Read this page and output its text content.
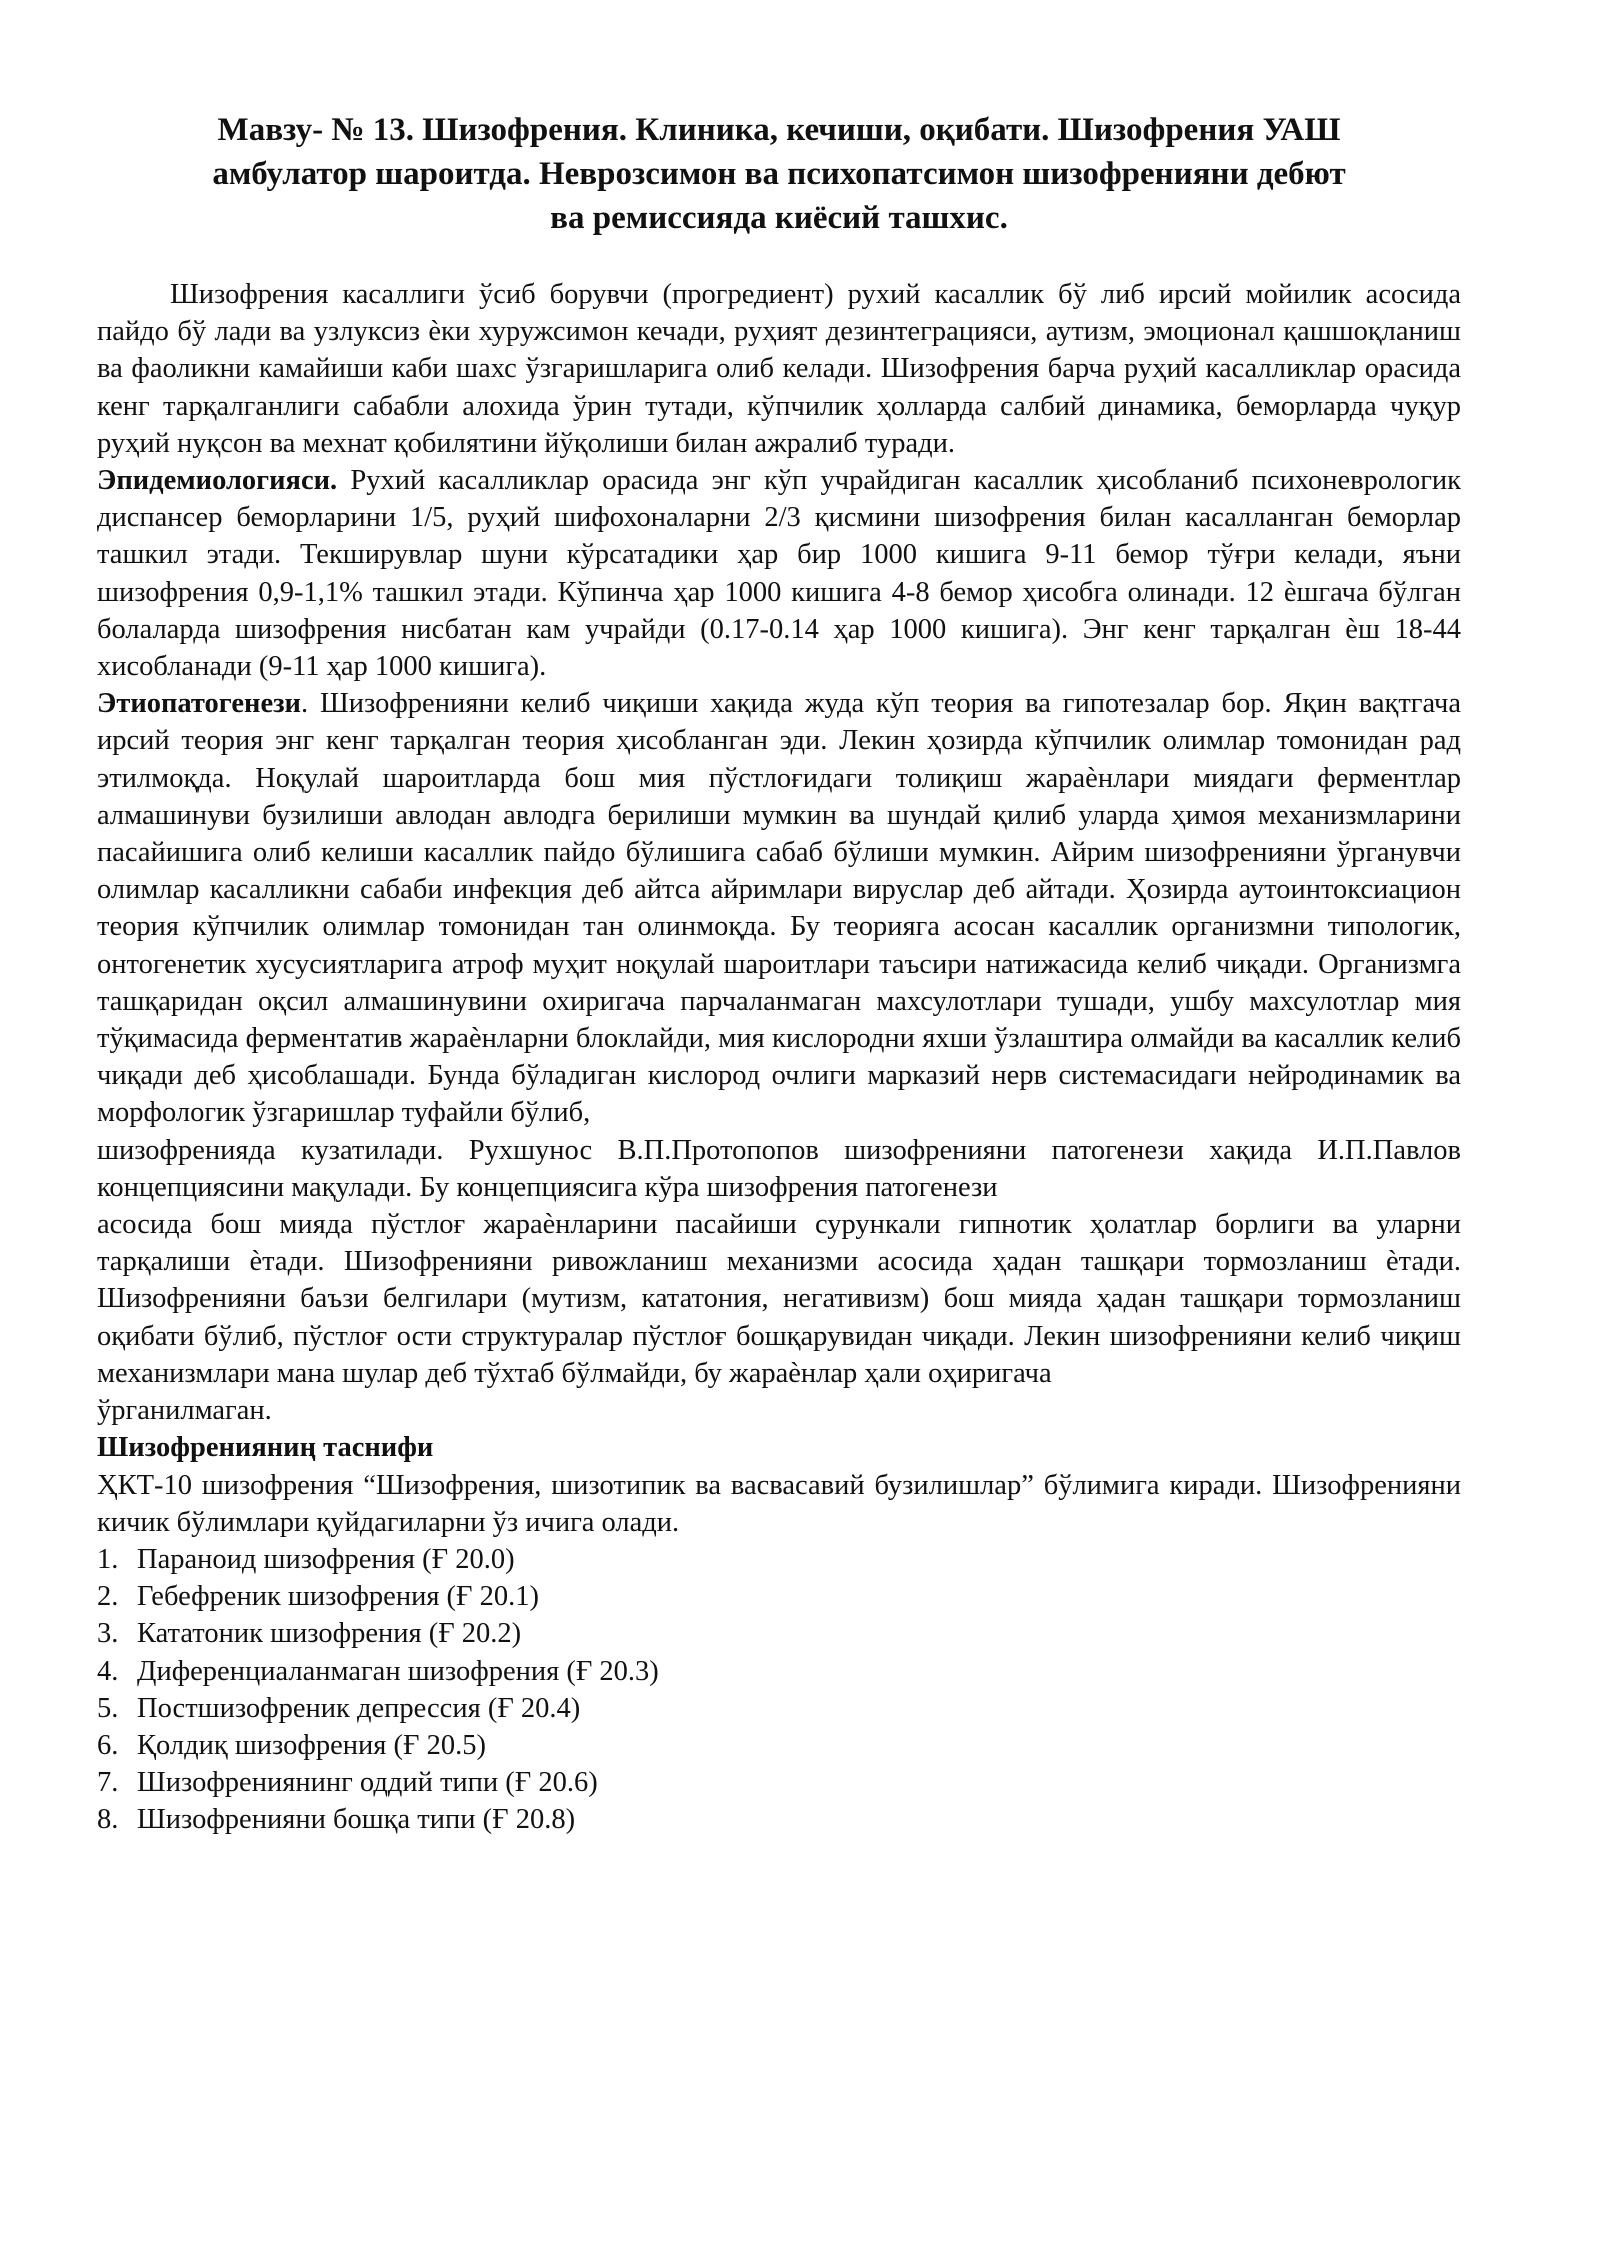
Мавзу- № 13. Шизофрения. Клиника, кечиши, оқибати. Шизофрения УАШ
амбулатор шароитда. Неврозсимон ва психопатсимон шизофренияни дебют
ва ремиссияда киёсий ташхис.

Шизофрения касаллиги ўсиб борувчи (прогредиент) рухий касаллик бў либ ирсий мойилик асосида пайдо бў лади ва узлуксиз ѐки хуружсимон кечади, руҳият дезинтеграцияси, аутизм, эмоционал қашшоқланиш ва фаоликни камайиши каби шахс ўзгаришларига олиб келади. Шизофрения барча руҳий касалликлар орасида кенг тарқалганлиги сабабли алохида ўрин тутади, кўпчилик ҳолларда салбий динамика, беморларда чуқур руҳий нуқсон ва мехнат қобилятини йўқолиши билан ажралиб туради.

Эпидемиологияси. Рухий касалликлар орасида энг кўп учрайдиган касаллик ҳисобланиб психоневрологик диспансер беморларини 1/5, руҳий шифохоналарни 2/3 қисмини шизофрения билан касалланган беморлар ташкил этади. Текширувлар шуни кўрсатадики ҳар бир 1000 кишига 9-11 бемор тўғри келади, яъни шизофрения 0,9-1,1% ташкил этади. Кўпинча ҳар 1000 кишига 4-8 бемор ҳисобга олинади. 12 ѐшгача бўлган болаларда шизофрения нисбатан кам учрайди (0.17-0.14 ҳар 1000 кишига). Энг кенг тарқалган ѐш 18-44 хисобланади (9-11 ҳар 1000 кишига).

Этиопатогенези. Шизофренияни келиб чиқиши хақида жуда кўп теория ва гипотезалар бор. Яқин вақтгача ирсий теория энг кенг тарқалган теория ҳисобланган эди. Лекин ҳозирда кўпчилик олимлар томонидан рад этилмоқда. Ноқулай шароитларда бош мия пўстлоғидаги толиқиш жараѐнлари миядаги ферментлар алмашинуви бузилиши авлодан авлодга берилиши мумкин ва шундай қилиб уларда ҳимоя механизмларини пасайишига олиб келиши касаллик пайдо бўлишига сабаб бўлиши мумкин. Айрим шизофренияни ўрганувчи олимлар касалликни сабаби инфекция деб айтса айримлари вируслар деб айтади. Ҳозирда аутоинтоксиацион теория кўпчилик олимлар томонидан тан олинмоқда. Бу теорияга асосан касаллик организмни типологик, онтогенетик хусусиятларига атроф муҳит ноқулай шароитлари таъсири натижасида келиб чиқади. Организмга ташқаридан оқсил алмашинувини охиригача парчаланмаган махсулотлари тушади, ушбу махсулотлар мия тўқимасида ферментатив жараѐнларни блоклайди, мия кислородни яхши ўзлаштира олмайди ва касаллик келиб чиқади деб ҳисоблашади. Бунда бўладиган кислород очлиги марказий нерв системасидаги нейродинамик ва морфологик ўзгаришлар туфайли бўлиб,

шизофренияда кузатилади. Рухшунос В.П.Протопопов шизофренияни патогенези хақида И.П.Павлов концепциясини мақулади. Бу концепциясига кўра шизофрения патогенези

асосида бош мияда пўстлоғ жараѐнларини пасайиши сурункали гипнотик ҳолатлар борлиги ва уларни тарқалиши ѐтади. Шизофренияни ривожланиш механизми асосида ҳадан ташқари тормозланиш ѐтади. Шизофренияни баъзи белгилари (мутизм, кататония, негативизм) бош мияда ҳадан ташқари тормозланиш оқибати бўлиб, пўстлоғ ости структуралар пўстлоғ бошқарувидан чиқади. Лекин шизофренияни келиб чиқиш механизмлари мана шулар деб тўхтаб бўлмайди, бу жараѐнлар ҳали оҳиригача

ўрганилмаган.

Шизофренияниң таснифи

ҲКТ-10 шизофрения “Шизофрения, шизотипик ва васвасавий бузилишлар” бўлимига киради. Шизофренияни кичик бўлимлари қуйдагиларни ўз ичига олади.

1. Параноид шизофрения (Ғ 20.0)
2. Гебефреник шизофрения (Ғ 20.1)
3. Кататоник шизофрения (Ғ 20.2)
4. Диференциаланмаган шизофрения (Ғ 20.3)
5. Постшизофреник депрессия (Ғ 20.4)
6. Қолдиқ шизофрения (Ғ 20.5)
7. Шизофрениянинг оддий типи (Ғ 20.6)
8. Шизофренияни бошқа типи (Ғ 20.8)
